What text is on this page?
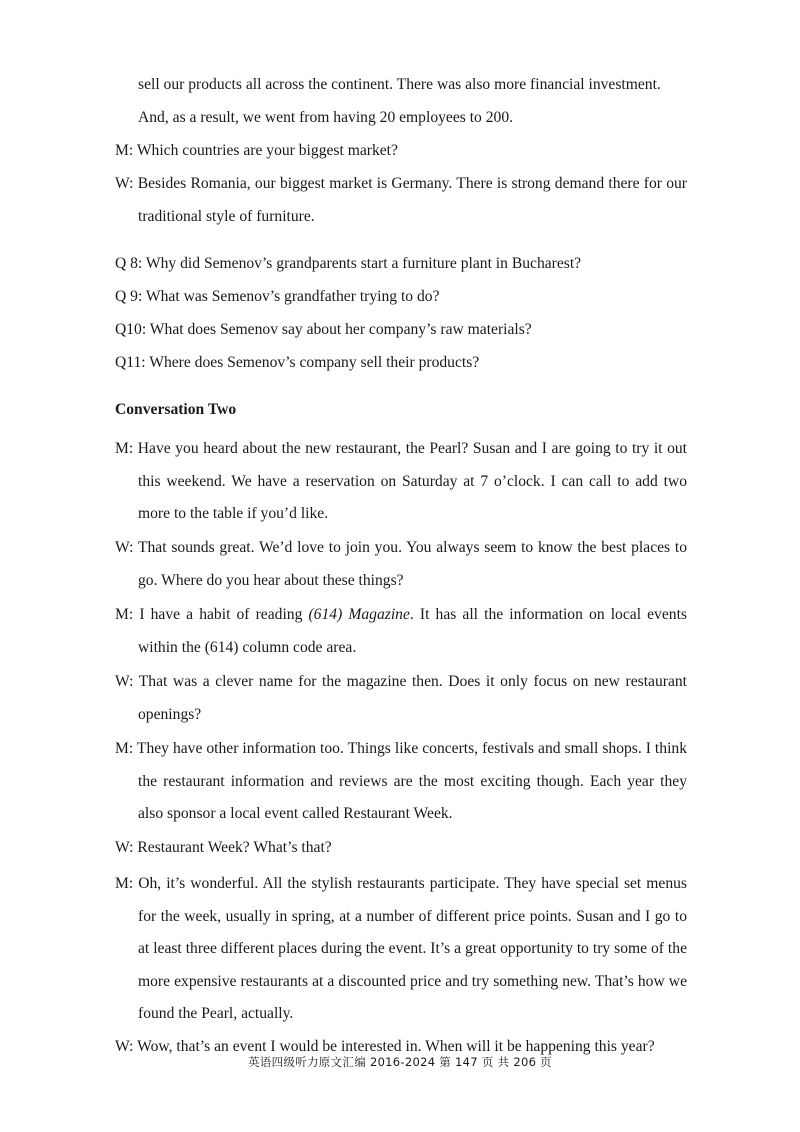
sell our products all across the continent. There was also more financial investment.
And, as a result, we went from having 20 employees to 200.
M: Which countries are your biggest market?
W: Besides Romania, our biggest market is Germany. There is strong demand there for our traditional style of furniture.
Q 8: Why did Semenov’s grandparents start a furniture plant in Bucharest?
Q 9: What was Semenov’s grandfather trying to do?
Q10: What does Semenov say about her company’s raw materials?
Q11: Where does Semenov’s company sell their products?
Conversation Two
M: Have you heard about the new restaurant, the Pearl? Susan and I are going to try it out this weekend. We have a reservation on Saturday at 7 o’clock. I can call to add two more to the table if you’d like.
W: That sounds great. We’d love to join you. You always seem to know the best places to go. Where do you hear about these things?
M: I have a habit of reading (614) Magazine. It has all the information on local events within the (614) column code area.
W: That was a clever name for the magazine then. Does it only focus on new restaurant openings?
M: They have other information too. Things like concerts, festivals and small shops. I think the restaurant information and reviews are the most exciting though. Each year they also sponsor a local event called Restaurant Week.
W: Restaurant Week? What’s that?
M: Oh, it’s wonderful. All the stylish restaurants participate. They have special set menus for the week, usually in spring, at a number of different price points. Susan and I go to at least three different places during the event. It’s a great opportunity to try some of the more expensive restaurants at a discounted price and try something new. That’s how we found the Pearl, actually.
W: Wow, that’s an event I would be interested in. When will it be happening this year?
英语四级听力原文汇编 2016-2024 第 147 页 共 206 页
